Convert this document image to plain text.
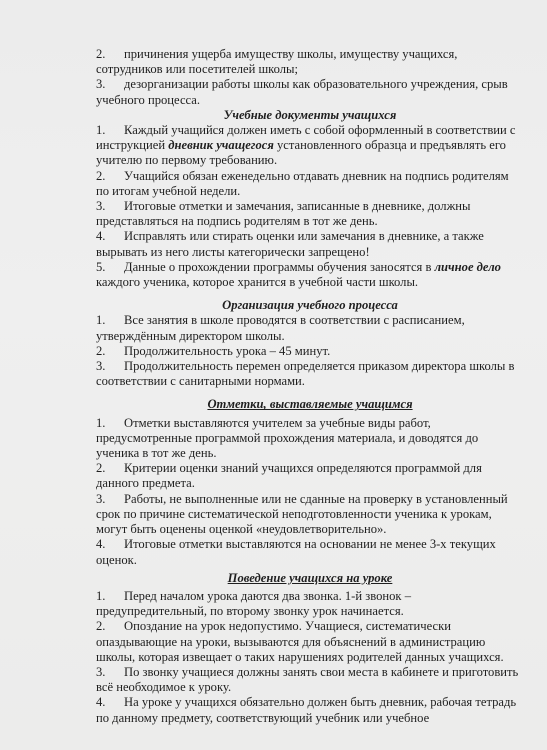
2. причинения ущерба имуществу школы, имуществу учащихся, сотрудников или посетителей школы;

3. дезорганизации работы школы как образовательного учреждения, срыв учебного процесса.

Учебные документы учащихся

1. Каждый учащийся должен иметь с собой оформленный в соответствии с инструкцией дневник учащегося установленного образца и предъявлять его учителю по первому требованию.

2. Учащийся обязан еженедельно отдавать дневник на подпись родителям по итогам учебной недели.

3. Итоговые отметки и замечания, записанные в дневнике, должны представляться на подпись родителям в тот же день.

4. Исправлять или стирать оценки или замечания в дневнике, а также вырывать из него листы категорически запрещено!

5. Данные о прохождении программы обучения заносятся в личное дело каждого ученика, которое хранится в учебной части школы.

Организация учебного процесса

1. Все занятия в школе проводятся в соответствии с расписанием, утверждённым директором школы.

2. Продолжительность урока – 45 минут.

3. Продолжительность перемен определяется приказом директора школы в соответствии с санитарными нормами.

Отметки, выставляемые учащимся

1. Отметки выставляются учителем за учебные виды работ, предусмотренные программой прохождения материала, и доводятся до ученика в тот же день.

2. Критерии оценки знаний учащихся определяются программой для данного предмета.

3. Работы, не выполненные или не сданные на проверку в установленный срок по причине систематической неподготовленности ученика к урокам, могут быть оценены оценкой «неудовлетворительно».

4. Итоговые отметки выставляются на основании не менее 3-х текущих оценок.

Поведение учащихся на уроке

1. Перед началом урока даются два звонка. 1-й звонок – предупредительный, по второму звонку урок начинается.

2. Опоздание на урок недопустимо. Учащиеся, систематически опаздывающие на уроки, вызываются для объяснений в администрацию школы, которая извещает о таких нарушениях родителей данных учащихся.

3. По звонку учащиеся должны занять свои места в кабинете и приготовить всё необходимое к уроку.

4. На уроке у учащихся обязательно должен быть дневник, рабочая тетрадь по данному предмету, соответствующий учебник или учебное
